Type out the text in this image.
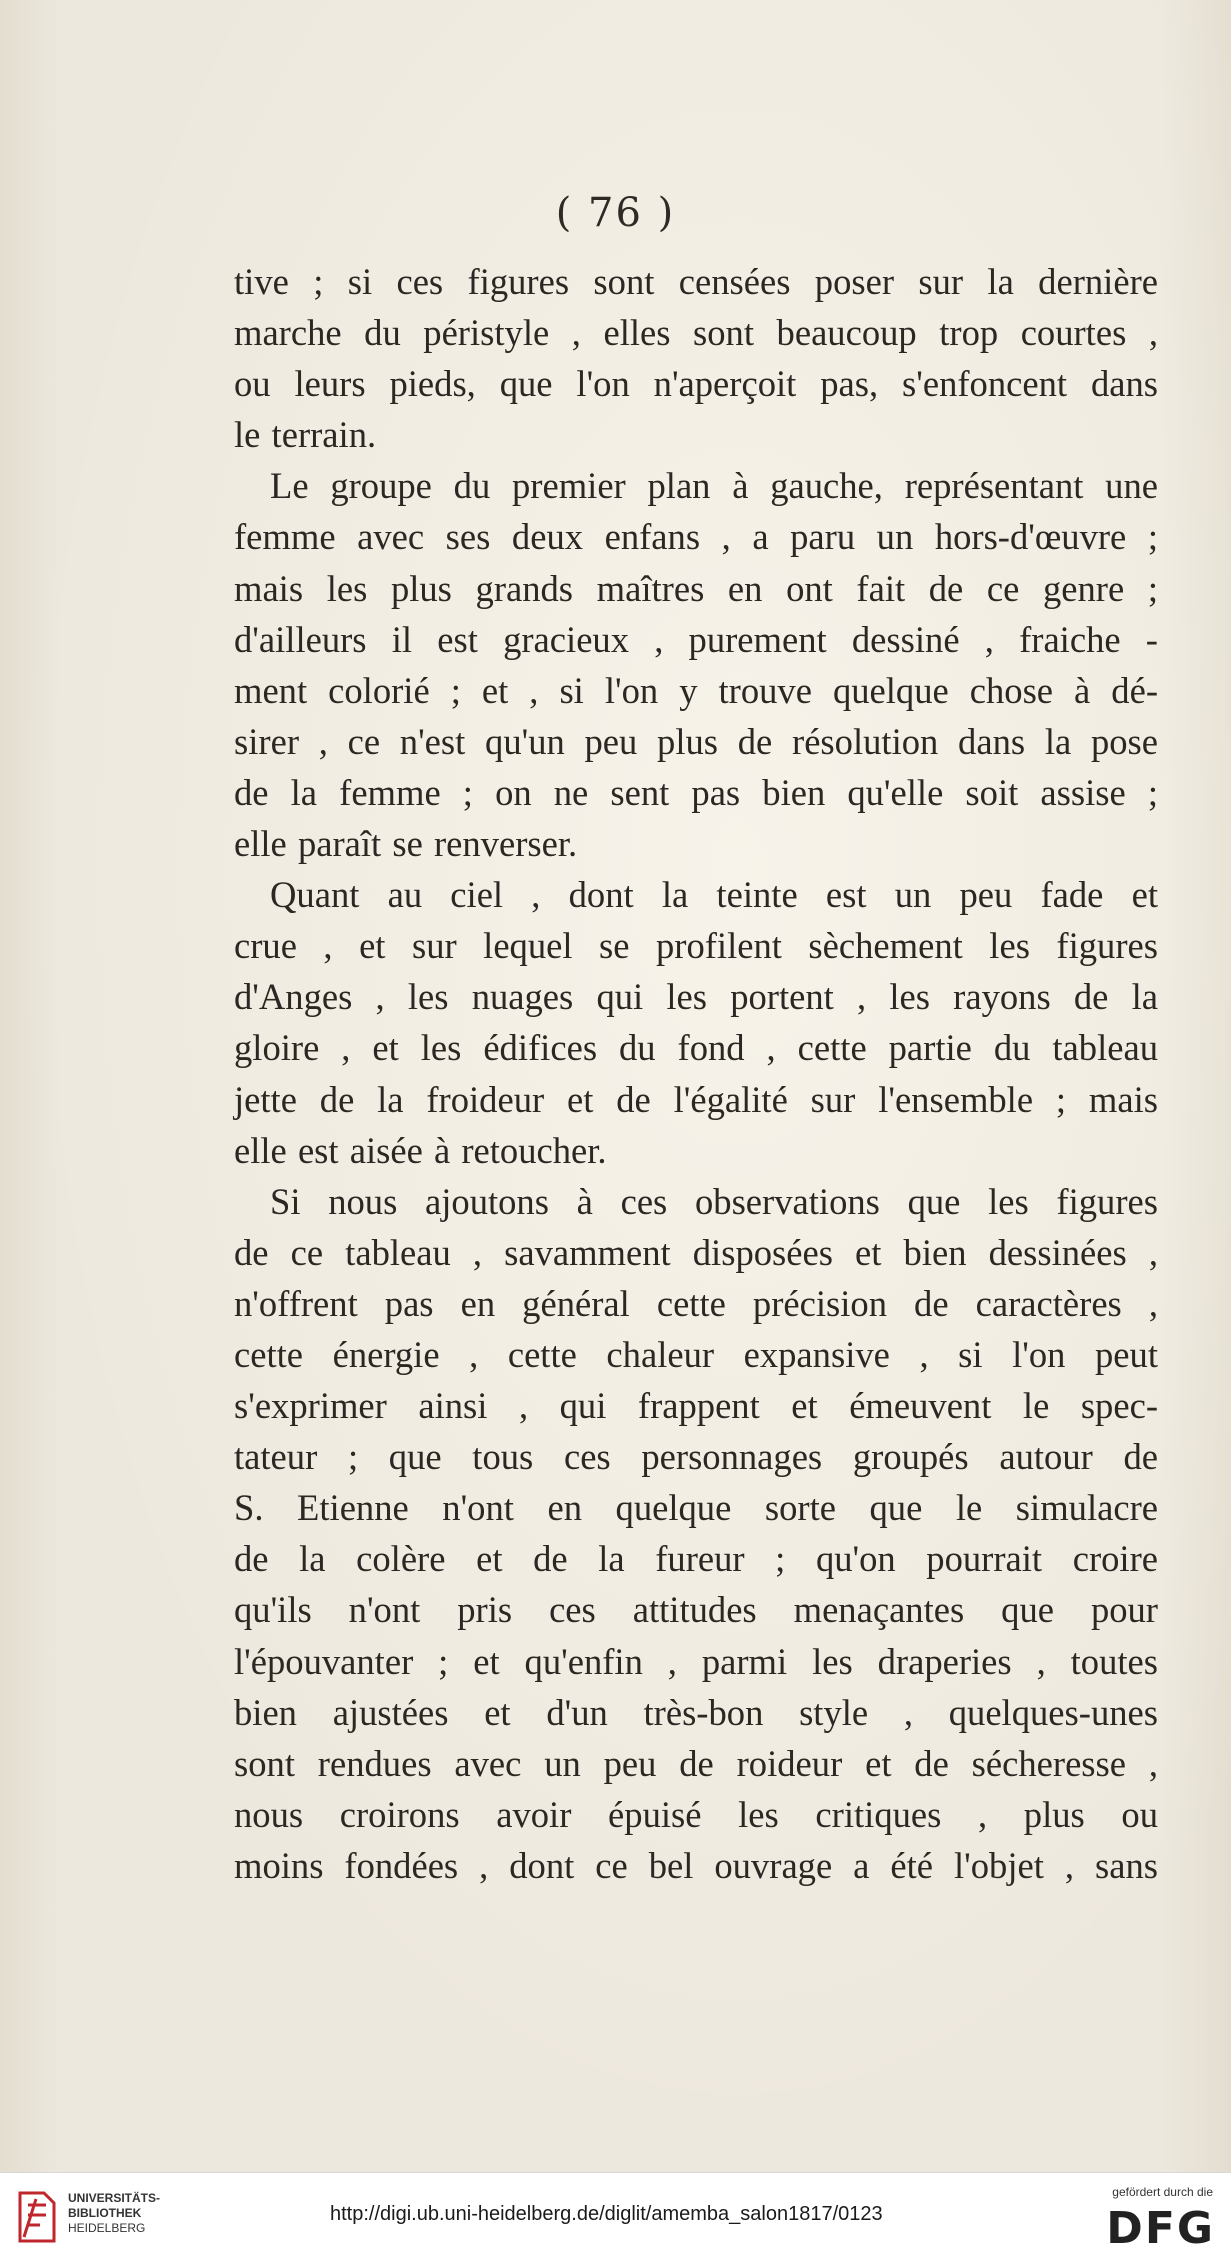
( 76 )
tive ; si ces figures sont censées poser sur la dernière
marche du péristyle , elles sont beaucoup trop courtes ,
ou leurs pieds, que l'on n'aperçoit pas, s'enfoncent dans
le terrain.
Le groupe du premier plan à gauche, représentant une
femme avec ses deux enfans , a paru un hors-d'œuvre ;
mais les plus grands maîtres en ont fait de ce genre ;
d'ailleurs il est gracieux , purement dessiné , fraiche -
ment colorié ; et , si l'on y trouve quelque chose à dé-
sirer , ce n'est qu'un peu plus de résolution dans la pose
de la femme ; on ne sent pas bien qu'elle soit assise ;
elle paraît se renverser.
Quant au ciel , dont la teinte est un peu fade et
crue , et sur lequel se profilent sèchement les figures
d'Anges , les nuages qui les portent , les rayons de la
gloire , et les édifices du fond , cette partie du tableau
jette de la froideur et de l'égalité sur l'ensemble ; mais
elle est aisée à retoucher.
Si nous ajoutons à ces observations que les figures
de ce tableau , savamment disposées et bien dessinées ,
n'offrent pas en général cette précision de caractères ,
cette énergie , cette chaleur expansive , si l'on peut
s'exprimer ainsi , qui frappent et émeuvent le spec-
tateur ; que tous ces personnages groupés autour de
S. Etienne n'ont en quelque sorte que le simulacre
de la colère et de la fureur ; qu'on pourrait croire
qu'ils n'ont pris ces attitudes menaçantes que pour
l'épouvanter ; et qu'enfin , parmi les draperies , toutes
bien ajustées et d'un très-bon style , quelques-unes
sont rendues avec un peu de roideur et de sécheresse ,
nous croirons avoir épuisé les critiques , plus ou
moins fondées , dont ce bel ouvrage a été l'objet , sans
UNIVERSITÄTS-
BIBLIOTHEK
HEIDELBERG
http://digi.ub.uni-heidelberg.de/diglit/amemba_salon1817/0123
gefördert durch die
DFG
